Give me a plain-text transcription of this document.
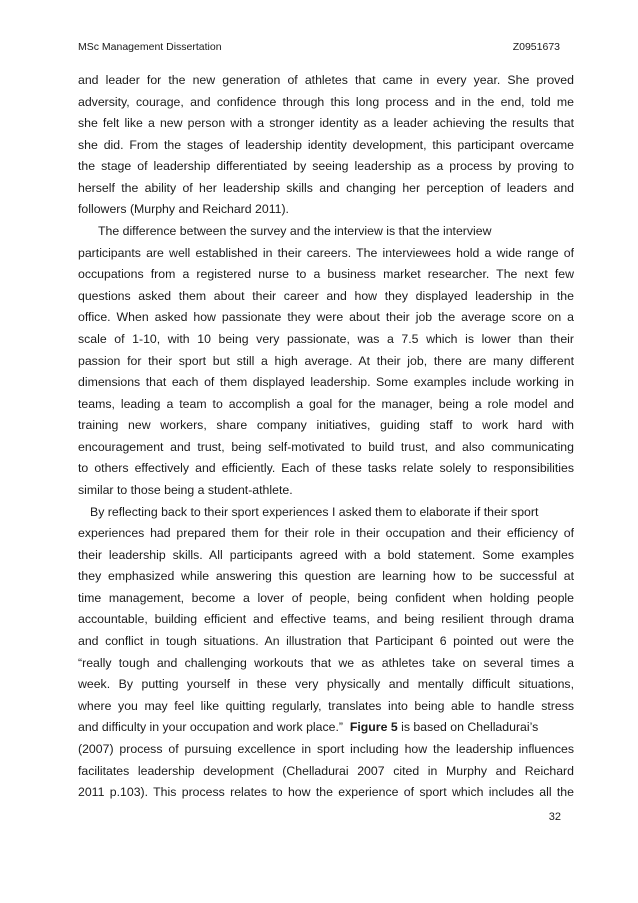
MSc Management Dissertation	Z0951673
and leader for the new generation of athletes that came in every year. She proved
adversity, courage, and confidence through this long process and in the end, told me
she felt like a new person with a stronger identity as a leader achieving the results that
she did. From the stages of leadership identity development, this participant overcame
the stage of leadership differentiated by seeing leadership as a process by proving to
herself the ability of her leadership skills and changing her perception of leaders and
followers (Murphy and Reichard 2011).
The difference between the survey and the interview is that the interview
participants are well established in their careers. The interviewees hold a wide range of
occupations from a registered nurse to a business market researcher. The next few
questions asked them about their career and how they displayed leadership in the
office. When asked how passionate they were about their job the average score on a
scale of 1-10, with 10 being very passionate, was a 7.5 which is lower than their
passion for their sport but still a high average. At their job, there are many different
dimensions that each of them displayed leadership. Some examples include working in
teams, leading a team to accomplish a goal for the manager, being a role model and
training new workers, share company initiatives, guiding staff to work hard with
encouragement and trust, being self-motivated to build trust, and also communicating
to others effectively and efficiently. Each of these tasks relate solely to responsibilities
similar to those being a student-athlete.
By reflecting back to their sport experiences I asked them to elaborate if their sport
experiences had prepared them for their role in their occupation and their efficiency of
their leadership skills. All participants agreed with a bold statement. Some examples
they emphasized while answering this question are learning how to be successful at
time management, become a lover of people, being confident when holding people
accountable, building efficient and effective teams, and being resilient through drama
and conflict in tough situations. An illustration that Participant 6 pointed out were the
“really tough and challenging workouts that we as athletes take on several times a
week. By putting yourself in these very physically and mentally difficult situations,
where you may feel like quitting regularly, translates into being able to handle stress
and difficulty in your occupation and work place.”  Figure 5 is based on Chelladurai’s
(2007) process of pursuing excellence in sport including how the leadership influences
facilitates leadership development (Chelladurai 2007 cited in Murphy and Reichard
2011 p.103). This process relates to how the experience of sport which includes all the
32
